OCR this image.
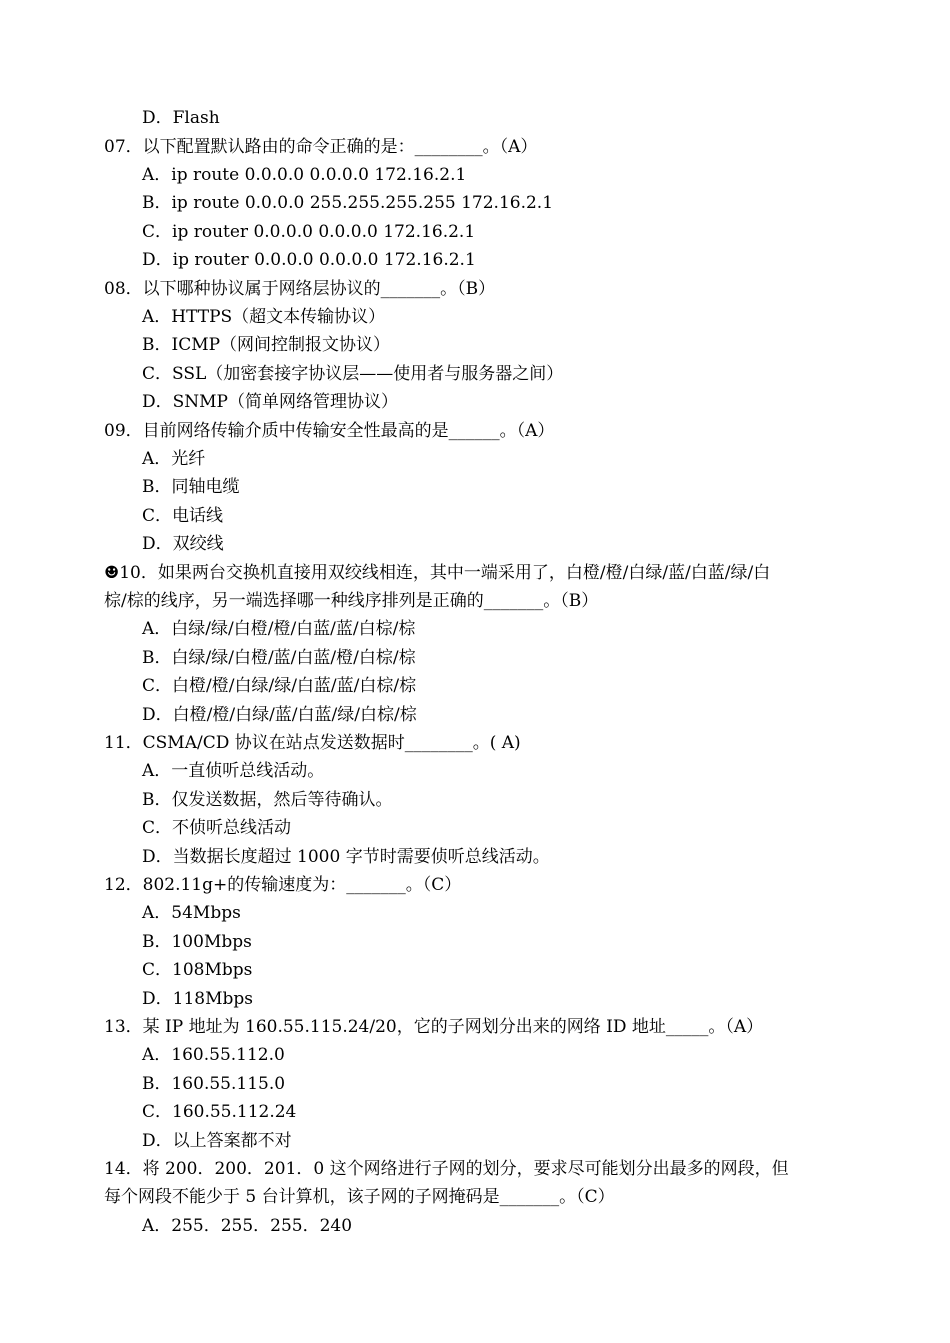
D．Flash
07．以下配置默认路由的命令正确的是：________。（A）
A．ip route 0.0.0.0 0.0.0.0 172.16.2.1
B．ip route 0.0.0.0 255.255.255.255 172.16.2.1
C．ip router 0.0.0.0 0.0.0.0 172.16.2.1
D．ip router 0.0.0.0 0.0.0.0 172.16.2.1
08．以下哪种协议属于网络层协议的_______。（B）
A．HTTPS（超文本传输协议）
B．ICMP（网间控制报文协议）
C．SSL（加密套接字协议层——使用者与服务器之间）
D．SNMP（简单网络管理协议）
09．目前网络传输介质中传输安全性最高的是______。（A）
A．光纤
B．同轴电缆
C．电话线
D．双绞线
☻10．如果两台交换机直接用双绞线相连，其中一端采用了，白橙/橙/白绿/蓝/白蓝/绿/白
棕/棕的线序，另一端选择哪一种线序排列是正确的_______。（B）
A．白绿/绿/白橙/橙/白蓝/蓝/白棕/棕
B．白绿/绿/白橙/蓝/白蓝/橙/白棕/棕
C．白橙/橙/白绿/绿/白蓝/蓝/白棕/棕
D．白橙/橙/白绿/蓝/白蓝/绿/白棕/棕
11．CSMA/CD 协议在站点发送数据时________。( A)
A．一直侦听总线活动。
B．仅发送数据，然后等待确认。
C．不侦听总线活动
D．当数据长度超过 1000 字节时需要侦听总线活动。
12．802.11g+的传输速度为：_______。（C）
A．54Mbps
B．100Mbps
C．108Mbps
D．118Mbps
13．某 IP 地址为 160.55.115.24/20，它的子网划分出来的网络 ID 地址_____。（A）
A．160.55.112.0
B．160.55.115.0
C．160.55.112.24
D．以上答案都不对
14．将 200．200．201．0 这个网络进行子网的划分，要求尽可能划分出最多的网段，但
每个网段不能少于 5 台计算机，该子网的子网掩码是_______。（C）
A．255．255．255．240
